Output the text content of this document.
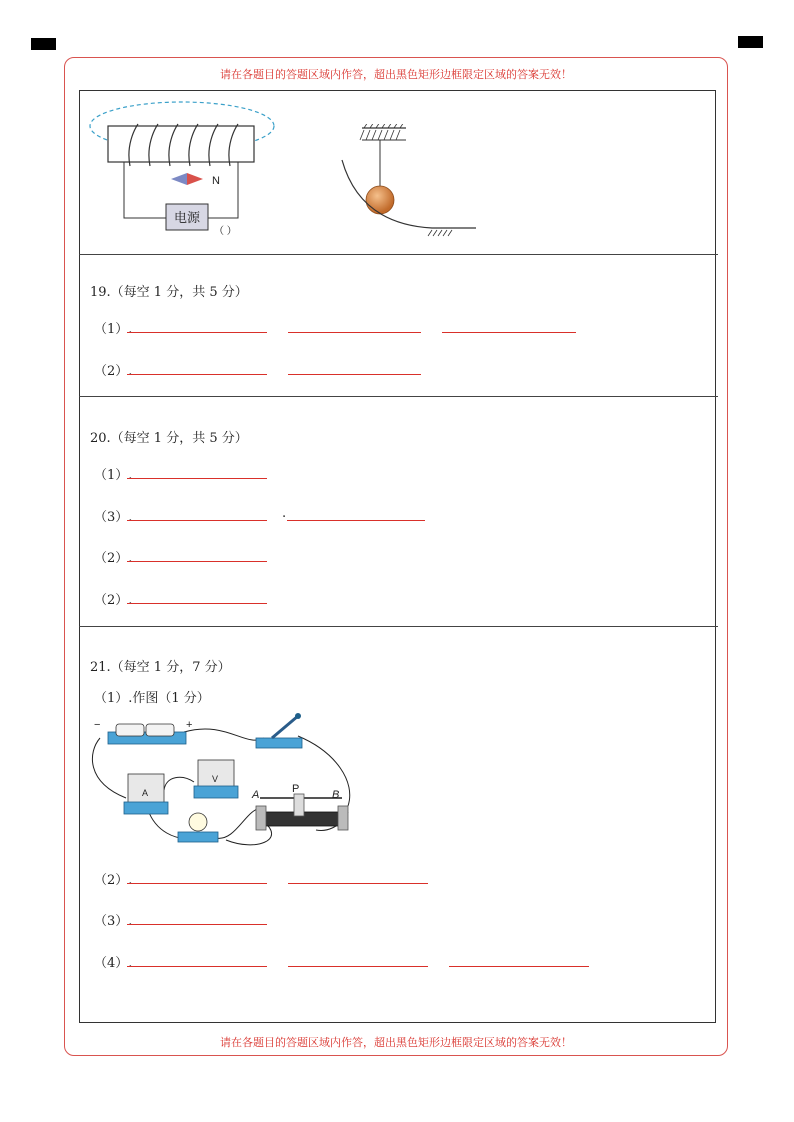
请在各题目的答题区域内作答，超出黑色矩形边框限定区域的答案无效！
请在各题目的答题区域内作答，超出黑色矩形边框限定区域的答案无效！
电源
N
（ ）
19.（每空 1 分，共 5 分）
（1）.
（2）.
20.（每空 1 分，共 5 分）
（1）.
（3）.	.
（2）.
（2）.
21.（每空 1 分，7 分）
（1）.作图（1 分）
−	+
A
V
A	P	B
（2）.
（3）.
（4）.
